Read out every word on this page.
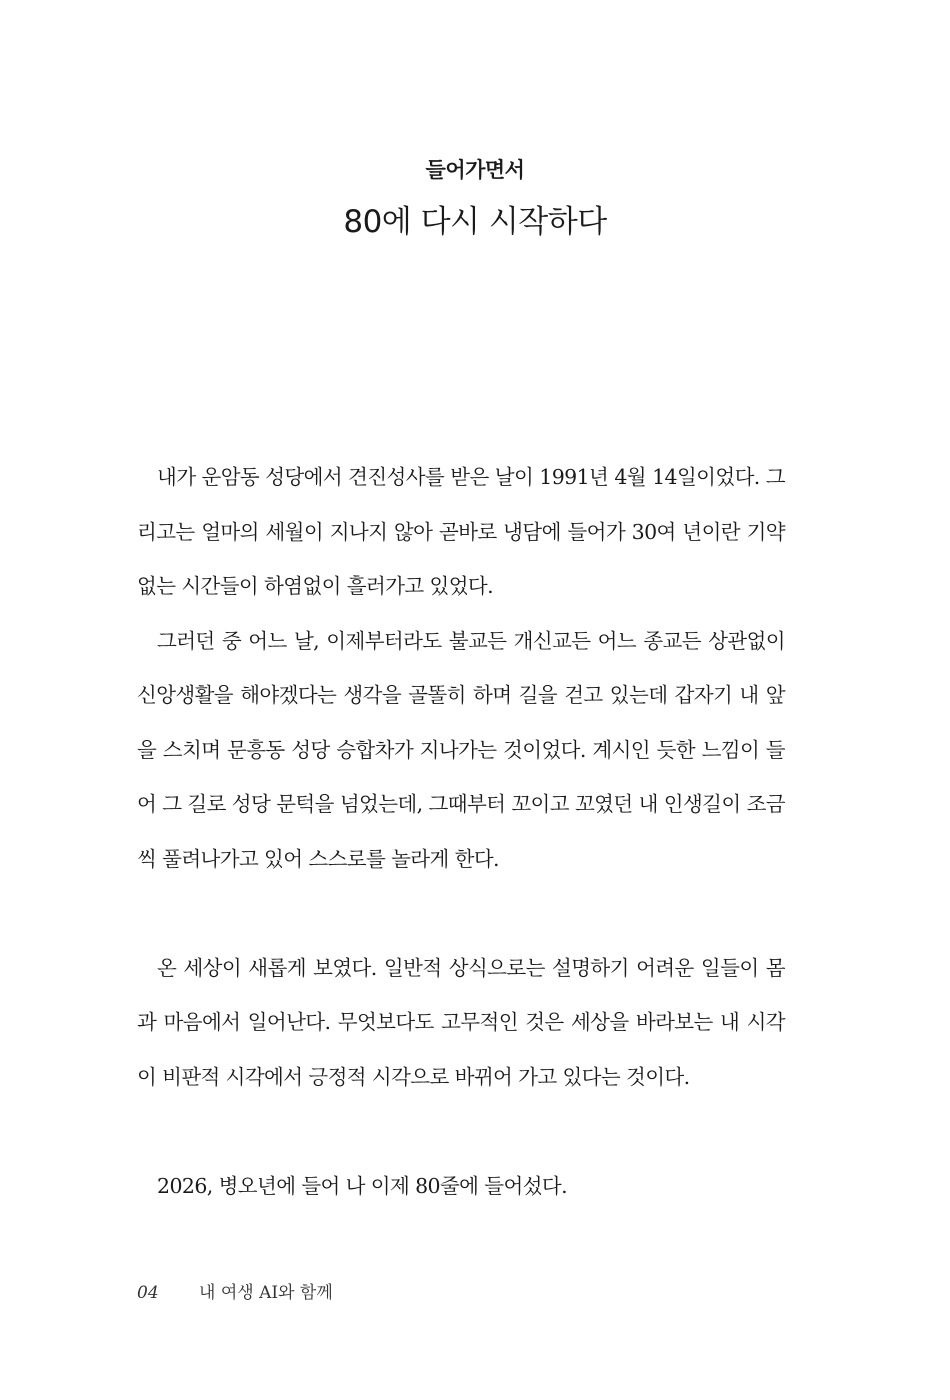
들어가면서

80에 다시 시작하다

내가 운암동 성당에서 견진성사를 받은 날이 1991년 4월 14일이었다. 그리고는 얼마의 세월이 지나지 않아 곧바로 냉담에 들어가 30여 년이란 기약 없는 시간들이 하염없이 흘러가고 있었다.

그러던 중 어느 날, 이제부터라도 불교든 개신교든 어느 종교든 상관없이 신앙생활을 해야겠다는 생각을 골똘히 하며 길을 걷고 있는데 갑자기 내 앞을 스치며 문흥동 성당 승합차가 지나가는 것이었다. 계시인 듯한 느낌이 들어 그 길로 성당 문턱을 넘었는데, 그때부터 꼬이고 꼬였던 내 인생길이 조금씩 풀려나가고 있어 스스로를 놀라게 한다.

온 세상이 새롭게 보였다. 일반적 상식으로는 설명하기 어려운 일들이 몸과 마음에서 일어난다. 무엇보다도 고무적인 것은 세상을 바라보는 내 시각이 비판적 시각에서 긍정적 시각으로 바뀌어 가고 있다는 것이다.

2026, 병오년에 들어 나 이제 80줄에 들어섰다.

04 내 여생 AI와 함께
